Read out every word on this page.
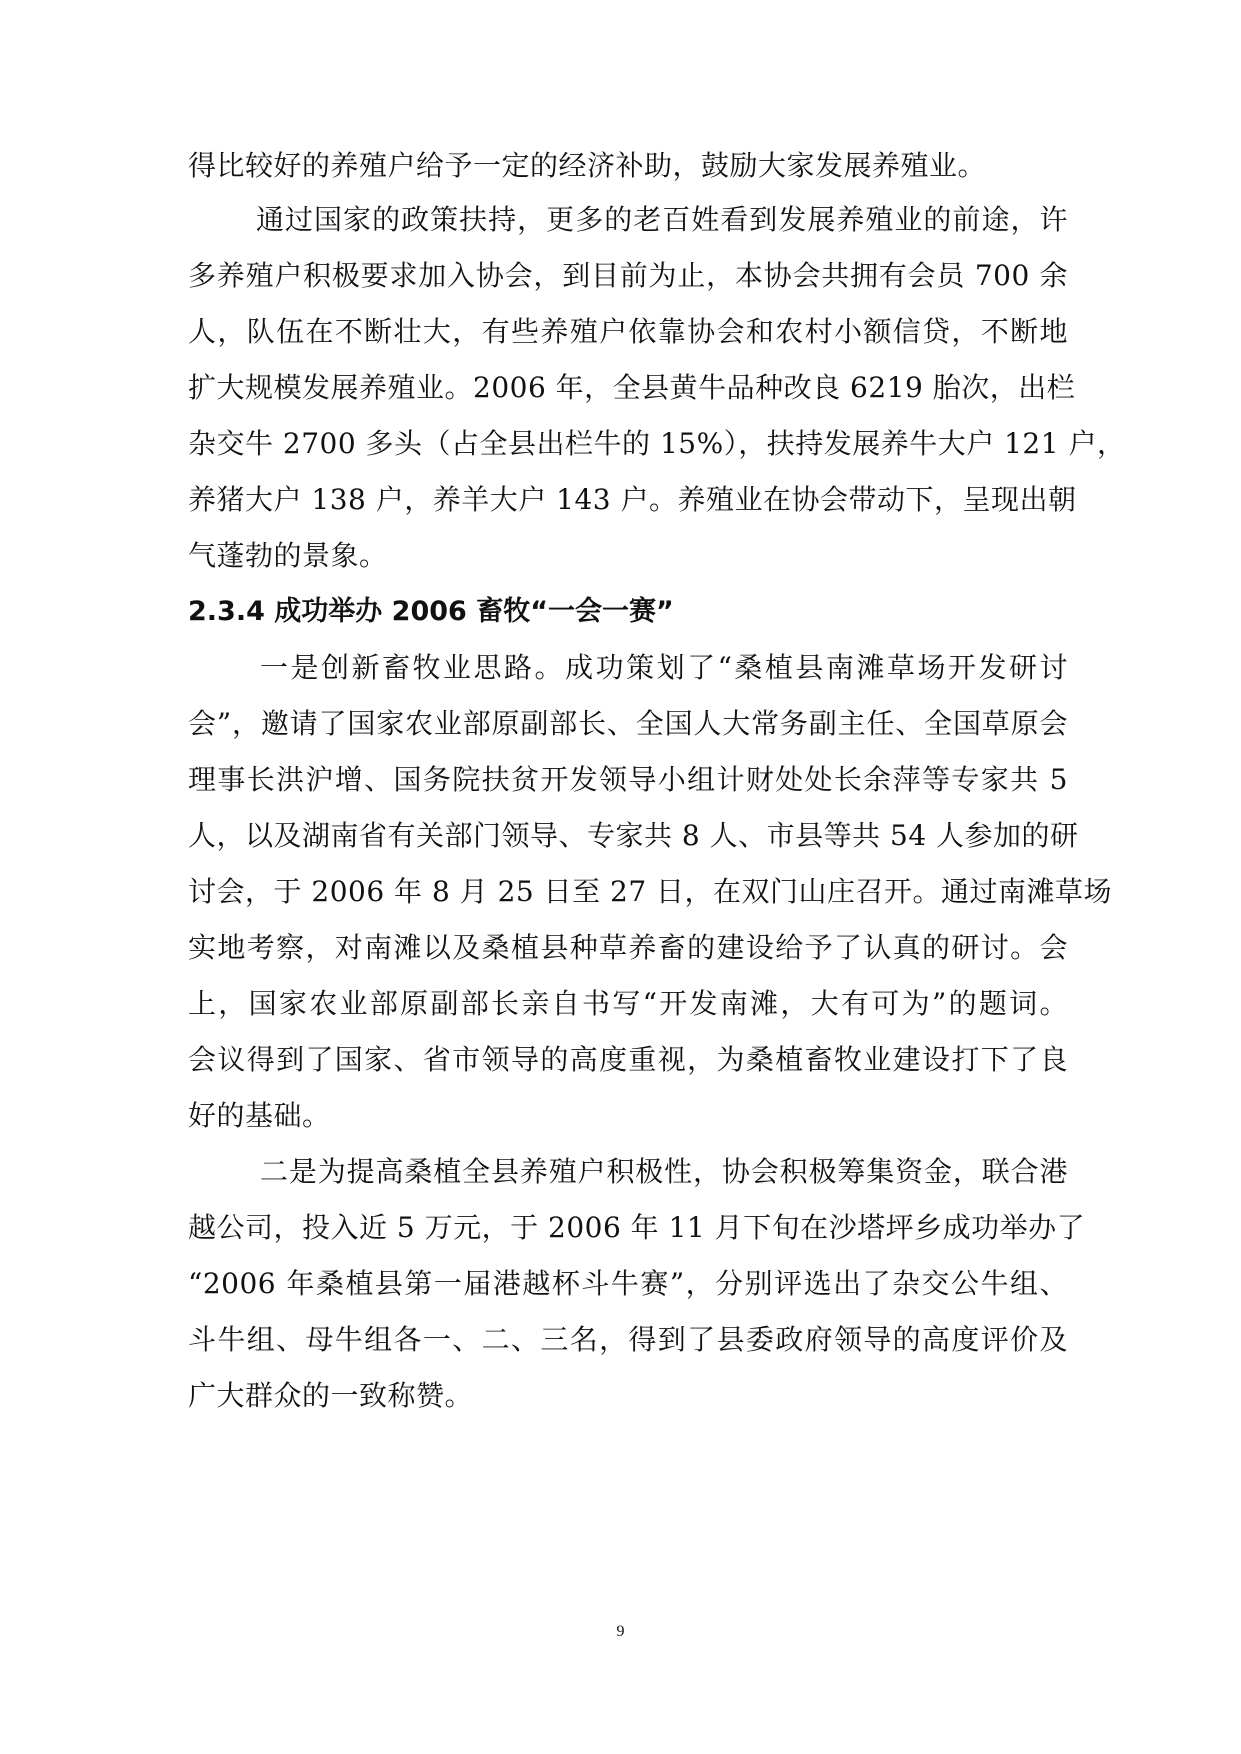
得比较好的养殖户给予一定的经济补助，鼓励大家发展养殖业。
通过国家的政策扶持，更多的老百姓看到发展养殖业的前途，许
多养殖户积极要求加入协会，到目前为止，本协会共拥有会员 700 余
人，队伍在不断壮大，有些养殖户依靠协会和农村小额信贷，不断地
扩大规模发展养殖业。2006 年，全县黄牛品种改良 6219 胎次，出栏
杂交牛 2700 多头（占全县出栏牛的 15%），扶持发展养牛大户 121 户，
养猪大户 138 户，养羊大户 143 户。养殖业在协会带动下，呈现出朝
气蓬勃的景象。
2.3.4 成功举办 2006 畜牧“一会一赛”
一是创新畜牧业思路。成功策划了“桑植县南滩草场开发研讨
会”，邀请了国家农业部原副部长、全国人大常务副主任、全国草原会
理事长洪沪增、国务院扶贫开发领导小组计财处处长余萍等专家共 5
人，以及湖南省有关部门领导、专家共 8 人、市县等共 54 人参加的研
讨会，于 2006 年 8 月 25 日至 27 日，在双门山庄召开。通过南滩草场
实地考察，对南滩以及桑植县种草养畜的建设给予了认真的研讨。会
上，国家农业部原副部长亲自书写“开发南滩，大有可为”的题词。
会议得到了国家、省市领导的高度重视，为桑植畜牧业建设打下了良
好的基础。
二是为提高桑植全县养殖户积极性，协会积极筹集资金，联合港
越公司，投入近 5 万元，于 2006 年 11 月下旬在沙塔坪乡成功举办了
“2006 年桑植县第一届港越杯斗牛赛”，分别评选出了杂交公牛组、
斗牛组、母牛组各一、二、三名，得到了县委政府领导的高度评价及
广大群众的一致称赞。
9
